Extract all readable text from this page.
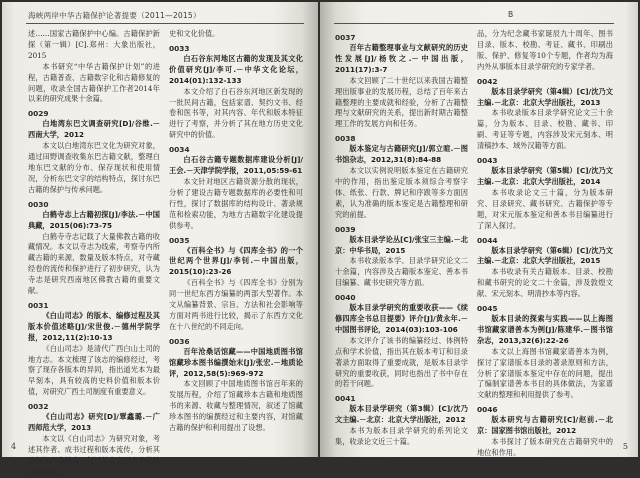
海峡两岸中华古籍保护论著提要（2011—2015）

述……国家古籍保护中心编。古籍保护新探（第一辑）[C].郑州：大象出版社，2015

本书研究“中华古籍保护计划”的进程，古籍普查、古籍数字化和古籍修复的问题，收录全国古籍保护工作者2014年以来的研究成果十余篇。

0029
白地湾东巴文调查研究[D]/谷维.－西南大学，2012

本文以白地湾东巴文化为研究对象，通过田野调查收集东巴古籍文献，整理白地东巴文献的分布、保存现状和使用情况，分析东巴文字的结构特点，探讨东巴古籍的保护与传承问题。

0030
白鹤寺志上古籍初探[J]/李法.－中国典藏，2015(06):73-75

白鹤寺寺志记载了大量佛教古籍的收藏情况。本文以寺志为线索，考察寺内所藏古籍的来源、数量及版本特点，对寺藏经卷的流传和保护进行了初步研究，认为寺志是研究西南地区佛教古籍的重要文献。

0031
《白山司志》的版本、编修过程及其版本价值述略[J]/宋世俊.－德州学院学报，2012,11(2):10-13

《白山司志》是清代广西白山土司的地方志。本文梳理了该志的编修经过，考察了现存各版本的异同，指出道光本为最早刻本，具有较高的史料价值和版本价值，对研究广西土司制度有重要意义。

0032
《白山司志》研究[D]/覃鑫璐.－广西师范大学，2013

本文以《白山司志》为研究对象，考述其作者、成书过程和版本流传，分析其体例与内容特点，探讨其在土司志中的地位和价值。

史和文化价值。

0033
白石谷东河地区古籍的发现及其文化价值研究[J]/李可.－中华文化论坛，2014(01):132-133

本文介绍了白石谷东河地区新发现的一批民间古籍，包括家谱、契约文书、经卷和医书等，对其内容、年代和版本特征进行了考察，并分析了其在地方历史文化研究中的价值。

0034
白石谷古籍专题数据库建设分析[J]/王会.－天津学院学报，2011,05:59-61

本文针对地区古籍资源分散的现状，分析了建设古籍专题数据库的必要性和可行性，探讨了数据库的结构设计、著录规范和检索功能，为地方古籍数字化建设提供参考。

0035
《百科全书》与《四库全书》的一个世纪两个世界[J]/李钊.－中国出版，2015(10):23-26

《百科全书》与《四库全书》分别为同一世纪东西方编纂的两部大型著作。本文从编纂背景、宗旨、方法和社会影响等方面对两书进行比较，揭示了东西方文化在十八世纪的不同走向。

0036
百年沧桑话馆藏——中国地质图书馆馆藏珍本图书编撰始末[J]/张宏.－地质论评，2012,58(5):969-972

本文回顾了中国地质图书馆百年来的发展历程，介绍了馆藏珍本古籍和地质图书的来源、收藏与整理情况，叙述了馆藏珍本图书的编撰经过和主要内容，对馆藏古籍的保护和利用提出了设想。

4
B
0037
百年古籍整理事业与文献研究的历史性发展[J]/杨牧之.－中国出版，2011(17):3-7

本文回顾了二十世纪以来我国古籍整理出版事业的发展历程，总结了百年来古籍整理的主要成就和经验，分析了古籍整理与文献研究的关系，提出新时期古籍整理工作的发展方向和任务。

0038
版本鉴定与古籍研究[J]/郭立暄.－图书馆杂志，2012,31(8):84-88

本文以实例说明版本鉴定在古籍研究中的作用，指出鉴定版本须综合考察字体、纸张、行款、牌记和序跋等多方面因素，认为准确的版本鉴定是古籍整理和研究的前提。

0039
版本目录学论丛[C]/张宝三主编.－北京：中华书局，2015

本书收录版本学、目录学研究论文二十余篇，内容涉及古籍版本鉴定、善本书目编纂、藏书史研究等方面。

0040
版本目录学研究的重要收获——《续修四库全书总目提要》评介[J]/黄永年.－中国图书评论，2014(03):103-106

本文评介了该书的编纂经过、体例特点和学术价值，指出其在版本考订和目录著录方面取得了重要成就，是版本目录学研究的重要收获，同时也指出了书中存在的若干问题。

0041
版本目录学研究（第3辑）[C]/沈乃文主编.－北京：北京大学出版社，2012

本书为版本目录学研究的系列论文集，收录论文近三十篇。

品，分为纪念藏书家诞辰九十周年、图书目录、版本、校勘、考证、藏书、印刷出版、保护、修复等10个专题，作者均为海内外从事版本目录学研究的专家学者。

0042
版本目录学研究（第4辑）[C]/沈乃文主编.－北京：北京大学出版社，2013

本书收录版本目录学研究论文三十余篇，分为版本、目录、校勘、藏书、印刷、考证等专题，内容涉及宋元刻本、明清稿抄本、域外汉籍等方面。

0043
版本目录学研究（第5辑）[C]/沈乃文主编.－北京：北京大学出版社，2014

本书收录论文三十篇，分为版本研究、目录研究、藏书研究、古籍保护等专题，对宋元版本鉴定和善本书目编纂进行了深入探讨。

0044
版本目录学研究（第6辑）[C]/沈乃文主编.－北京：北京大学出版社，2015

本书收录有关古籍版本、目录、校勘和藏书研究的论文二十余篇，涉及敦煌文献、宋元刻本、明清抄本等内容。

0045
版本目录的探索与实践——以上海图书馆藏家谱善本为例[J]/陈建华.－图书馆杂志，2013,32(6):22-26

本文以上海图书馆藏家谱善本为例，探讨了家谱版本目录的著录原则和方法，分析了家谱版本鉴定中存在的问题，提出了编制家谱善本书目的具体做法，为家谱文献的整理和利用提供了参考。

0046
版本研究与古籍研究[C]/赵前.－北京：国家图书馆出版社，2012

本书探讨了版本研究在古籍研究中的地位和作用。

5
